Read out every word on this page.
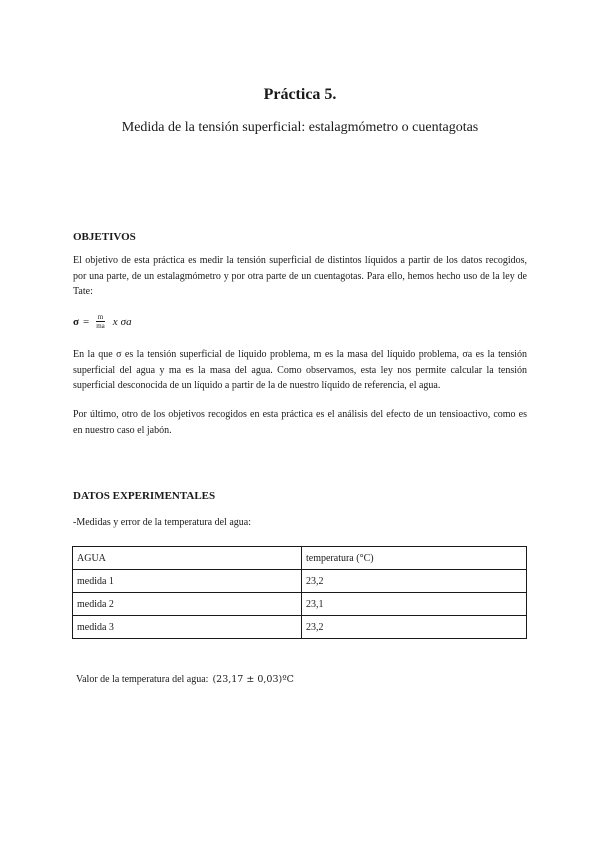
Práctica 5.
Medida de la tensión superficial: estalagmómetro o cuentagotas
OBJETIVOS
El objetivo de esta práctica es medir la tensión superficial de distintos líquidos a partir de los datos recogidos, por una parte, de un estalagmómetro y por otra parte de un cuentagotas. Para ello, hemos hecho uso de la ley de Tate:
$\sigma = \frac{m}{ma}$ x σa
En la que σ es la tensión superficial de líquido problema, m es la masa del líquido problema, σa es la tensión superficial del agua y ma es la masa del agua. Como observamos, esta ley nos permite calcular la tensión superficial desconocida de un líquido a partir de la de nuestro líquido de referencia, el agua.
Por último, otro de los objetivos recogidos en esta práctica es el análisis del efecto de un tensioactivo, como es en nuestro caso el jabón.
DATOS EXPERIMENTALES
-Medidas y error de la temperatura del agua:
AGUA	temperatura (°C)
medida 1	23,2
medida 2	23,1
medida 3	23,2
Valor de la temperatura del agua: (23,17 ± 0,03)ºC
